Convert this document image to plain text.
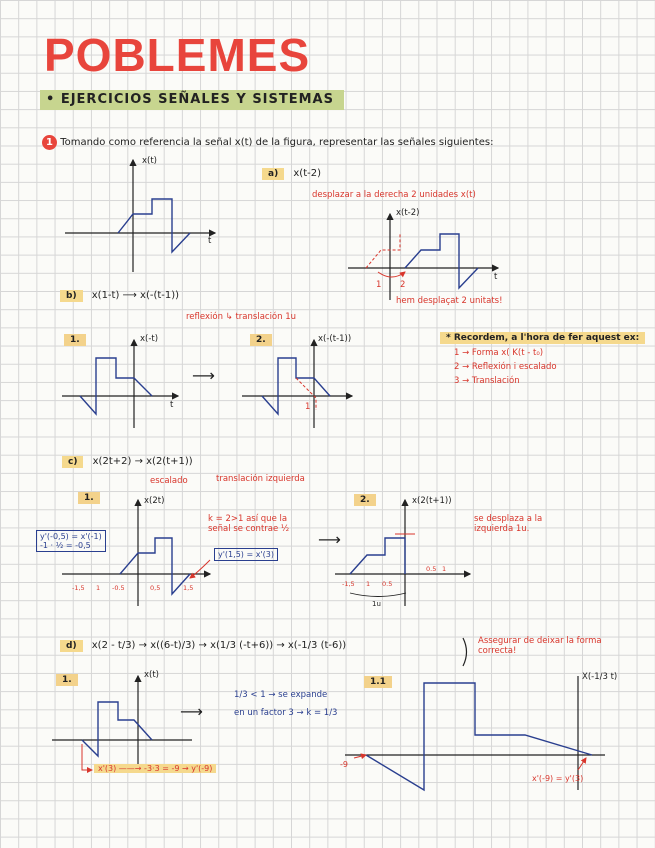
POBLEMES
• EJERCICIOS SEÑALES Y SISTEMAS
1 Tomando como referencia la señal x(t) de la figura, representar las señales siguientes:
x(t)
t
x(t-2)
t
x(-t)	x(-(t-1))
t
x(2t)	x(2(t+1))
x(t)	X(-1/3 t)
a) x(t-2)
desplazar a la derecha 2 unidades x(t)
1 2
hem desplaçat 2 unitats!
b) x(1-t) ⟶ x(-(t-1))
reflexión ↳ translación 1u
1.	2.
⟶
1
* Recordem, a l'hora de fer aquest ex:
1 → Forma x( K(t - t₀)
2 → Reflexión i escalado
3 → Translación
c) x(2t+2) → x(2(t+1))
escalado	translación izquierda
1.	2.
y'(-0,5) = x'(-1)
-1 · ½ = -0,5
k = 2>1 así que la señal se contrae ½
y'(1,5) = x'(3)
⟶
se desplaza a la izquierda 1u.
-1,5 1 -0.5	0,5	1,5	-1,5 1 0.5
0.5 1
1u
d) x(2 - t/3) → x((6-t)/3) → x(1/3 (-t+6)) → x(-1/3 (t-6))	Assegurar de deixar la forma correcta!
1.	1.1
⟶
1/3 < 1 → se expande
en un factor 3 → k = 1/3
x'(3) ——→ -3·3 = -9 → y'(-9)	-9
x'(-9) = y'(3)
